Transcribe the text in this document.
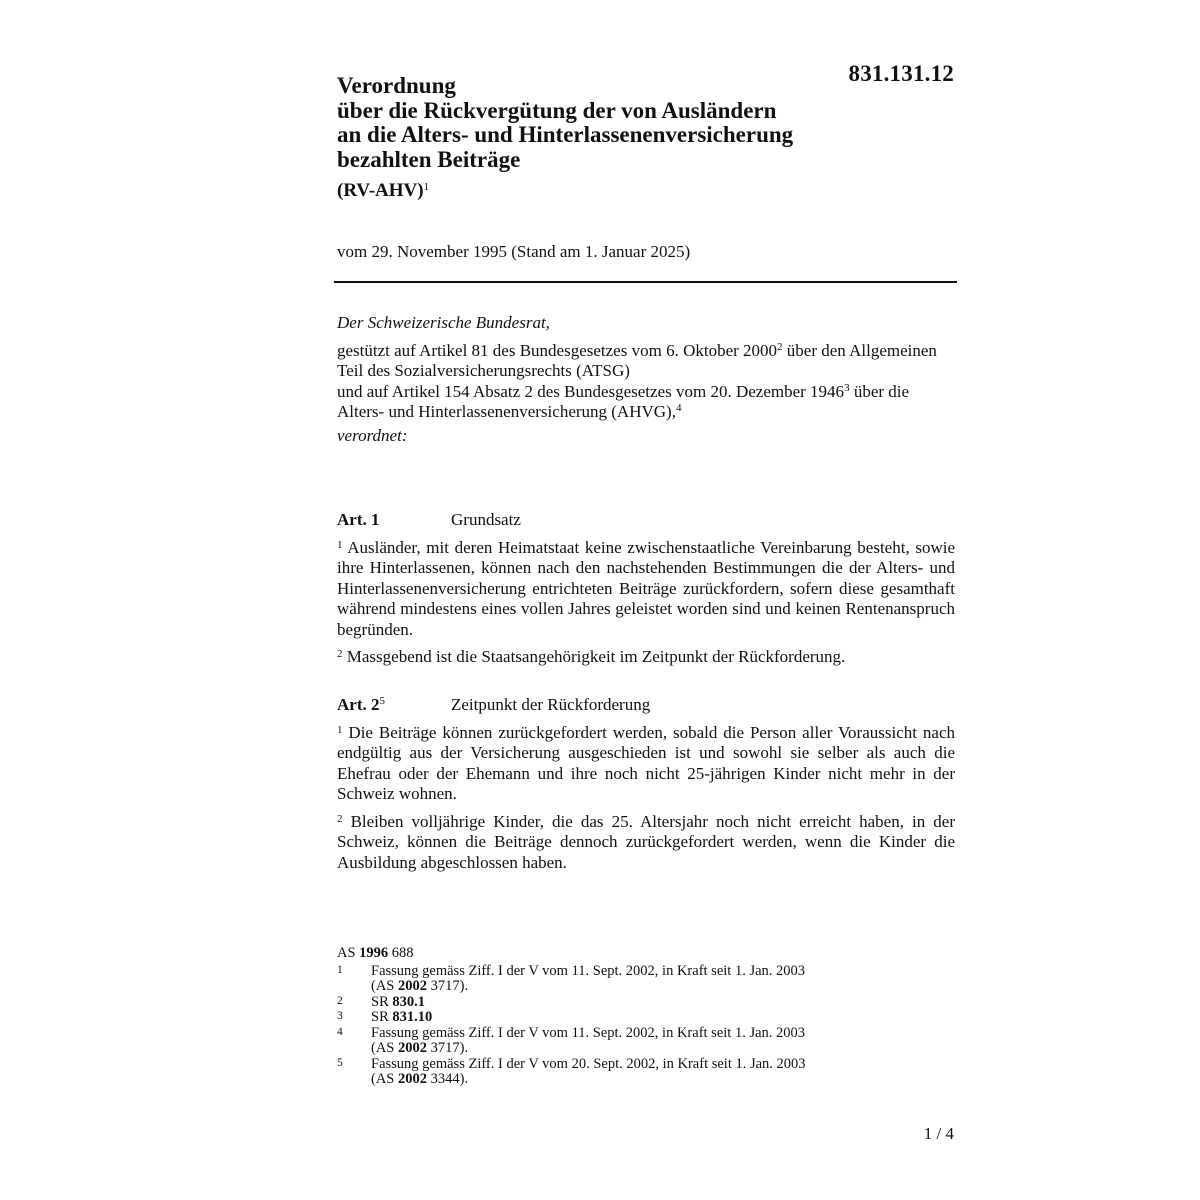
831.131.12
Verordnung
über die Rückvergütung der von Ausländern
an die Alters- und Hinterlassenenversicherung
bezahlten Beiträge
$(RV-AHV)^1$
vom 29. November 1995 (Stand am 1. Januar 2025)
Der Schweizerische Bundesrat,
gestützt auf Artikel 81 des Bundesgesetzes vom 6. Oktober 2000$^2$ über den Allgemeinen Teil des Sozialversicherungsrechts (ATSG)
und auf Artikel 154 Absatz 2 des Bundesgesetzes vom 20. Dezember 1946$^3$ über die Alters- und Hinterlassenenversicherung (AHVG),$^4$
verordnet:
Art. 1	Grundsatz

$^1$ Ausländer, mit deren Heimatstaat keine zwischenstaatliche Vereinbarung besteht, sowie ihre Hinterlassenen, können nach den nachstehenden Bestimmungen die der Alters- und Hinterlassenenversicherung entrichteten Beiträge zurückfordern, sofern diese gesamthaft während mindestens eines vollen Jahres geleistet worden sind und keinen Rentenanspruch begründen.

$^2$ Massgebend ist die Staatsangehörigkeit im Zeitpunkt der Rückforderung.

Art. $2^5$	Zeitpunkt der Rückforderung

$^1$ Die Beiträge können zurückgefordert werden, sobald die Person aller Voraussicht nach endgültig aus der Versicherung ausgeschieden ist und sowohl sie selber als auch die Ehefrau oder der Ehemann und ihre noch nicht 25-jährigen Kinder nicht mehr in der Schweiz wohnen.

$^2$ Bleiben volljährige Kinder, die das 25. Altersjahr noch nicht erreicht haben, in der Schweiz, können die Beiträge dennoch zurückgefordert werden, wenn die Kinder die Ausbildung abgeschlossen haben.

AS 1996 688
1	Fassung gemäss Ziff. I der V vom 11. Sept. 2002, in Kraft seit 1. Jan. 2003
(AS 2002 3717).
2	SR 830.1
3	SR 831.10
4	Fassung gemäss Ziff. I der V vom 11. Sept. 2002, in Kraft seit 1. Jan. 2003
(AS 2002 3717).
5	Fassung gemäss Ziff. I der V vom 20. Sept. 2002, in Kraft seit 1. Jan. 2003
(AS 2002 3344).
1 / 4
